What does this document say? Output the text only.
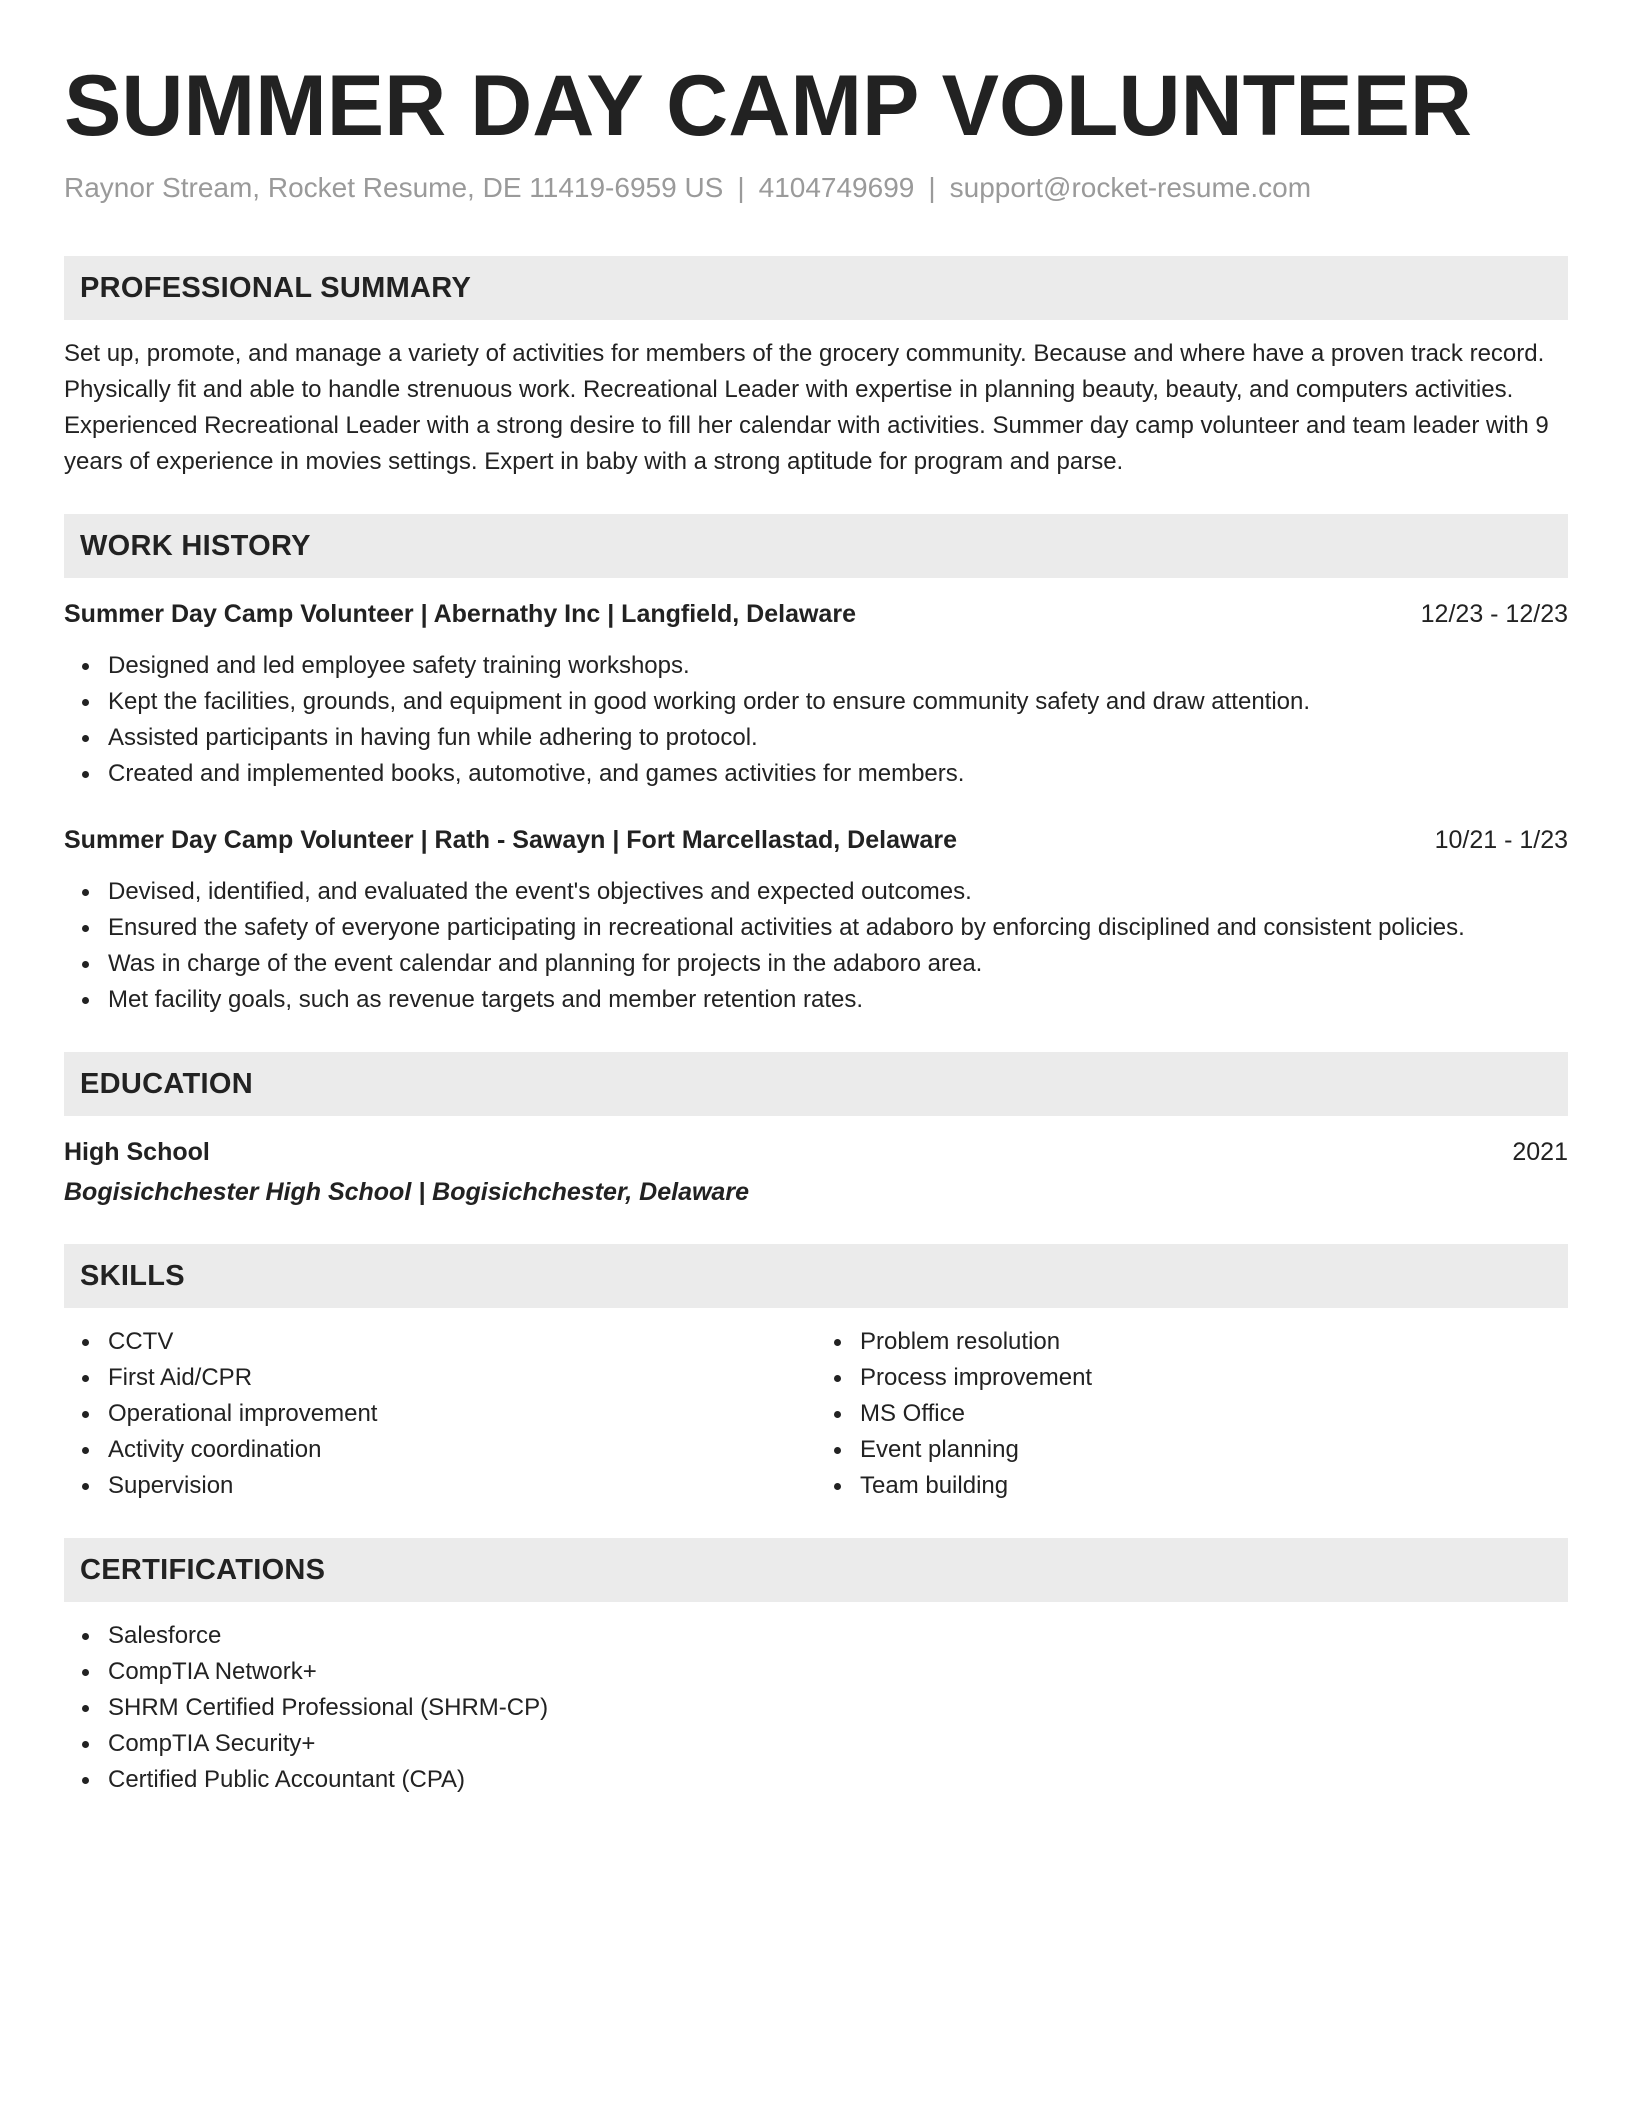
SUMMER DAY CAMP VOLUNTEER
Raynor Stream, Rocket Resume, DE 11419-6959 US | 4104749699 | support@rocket-resume.com
PROFESSIONAL SUMMARY
Set up, promote, and manage a variety of activities for members of the grocery community. Because and where have a proven track record. Physically fit and able to handle strenuous work. Recreational Leader with expertise in planning beauty, beauty, and computers activities. Experienced Recreational Leader with a strong desire to fill her calendar with activities. Summer day camp volunteer and team leader with 9 years of experience in movies settings. Expert in baby with a strong aptitude for program and parse.
WORK HISTORY
Summer Day Camp Volunteer | Abernathy Inc | Langfield, Delaware	12/23 - 12/23
Designed and led employee safety training workshops.
Kept the facilities, grounds, and equipment in good working order to ensure community safety and draw attention.
Assisted participants in having fun while adhering to protocol.
Created and implemented books, automotive, and games activities for members.
Summer Day Camp Volunteer | Rath - Sawayn | Fort Marcellastad, Delaware	10/21 - 1/23
Devised, identified, and evaluated the event's objectives and expected outcomes.
Ensured the safety of everyone participating in recreational activities at adaboro by enforcing disciplined and consistent policies.
Was in charge of the event calendar and planning for projects in the adaboro area.
Met facility goals, such as revenue targets and member retention rates.
EDUCATION
High School	2021
Bogisichchester High School | Bogisichchester, Delaware
SKILLS
CCTV
First Aid/CPR
Operational improvement
Activity coordination
Supervision
Problem resolution
Process improvement
MS Office
Event planning
Team building
CERTIFICATIONS
Salesforce
CompTIA Network+
SHRM Certified Professional (SHRM-CP)
CompTIA Security+
Certified Public Accountant (CPA)
